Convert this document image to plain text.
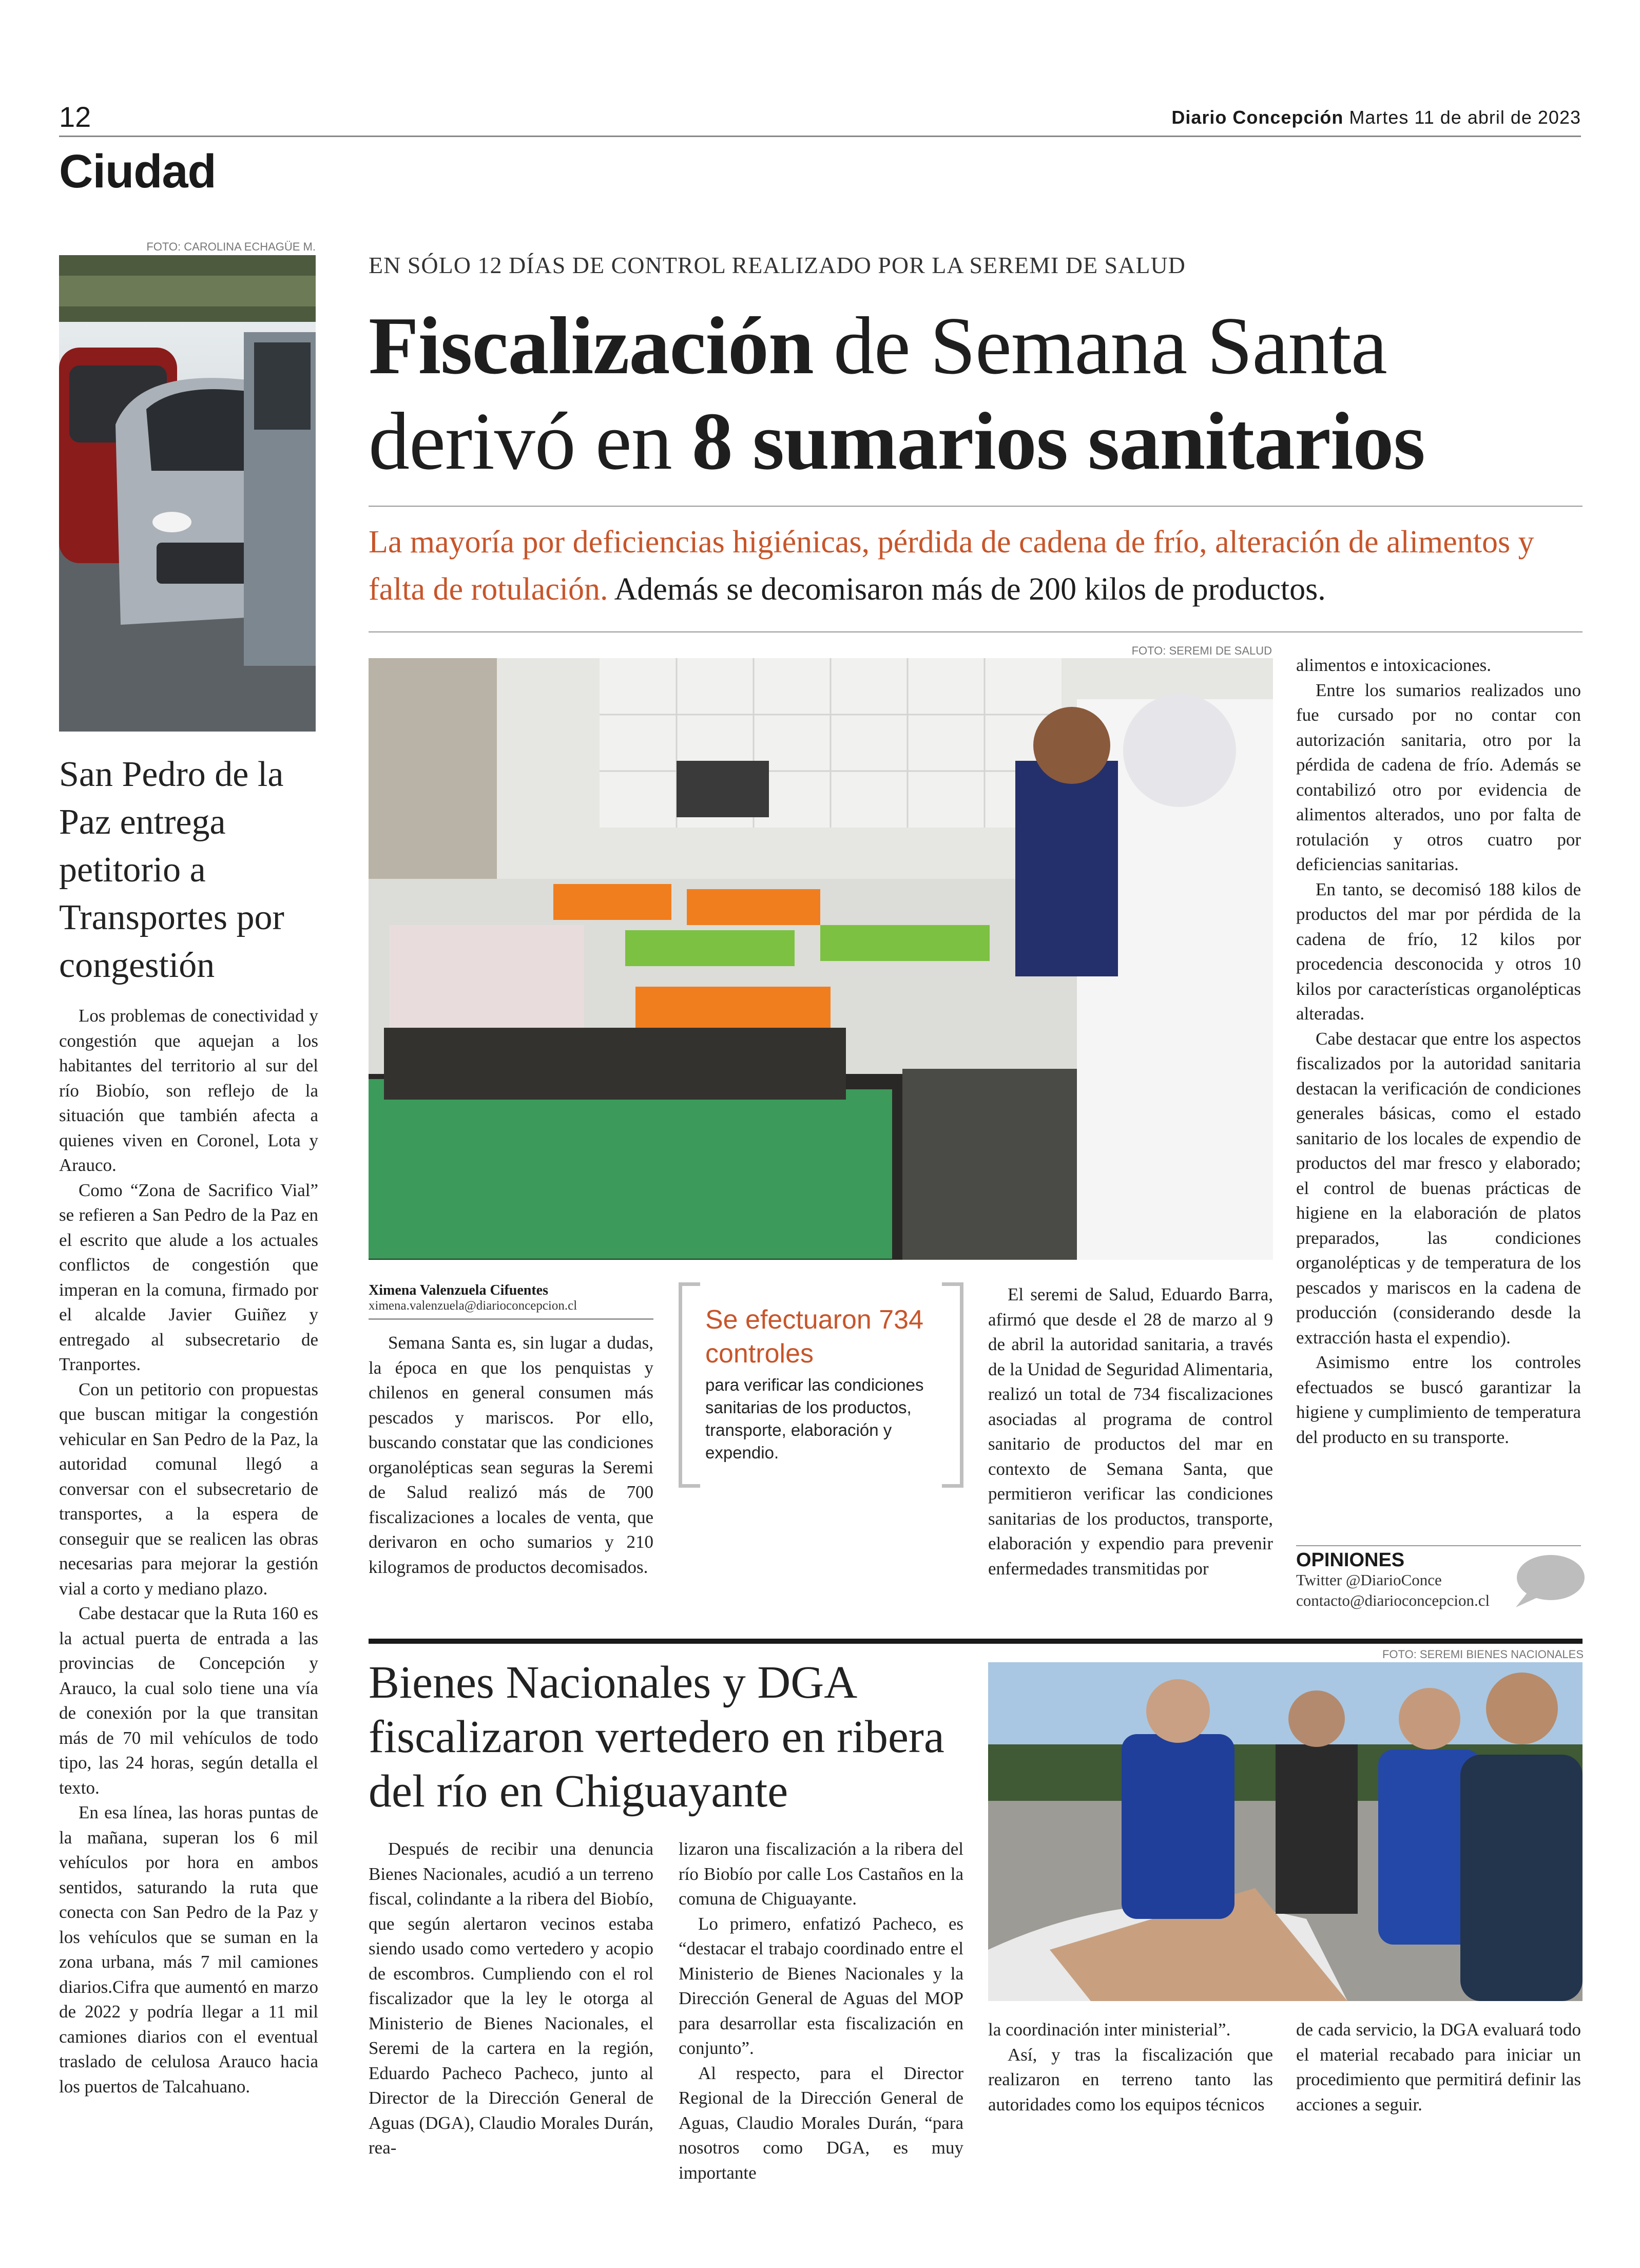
12	Diario Concepción Martes 11 de abril de 2023
Ciudad
FOTO: CAROLINA ECHAGÜE M.
San Pedro de la Paz entrega petitorio a Transportes por congestión

Los problemas de conectividad y congestión que aquejan a los habitantes del territorio al sur del río Biobío, son reflejo de la situación que también afecta a quienes viven en Coronel, Lota y Arauco.

Como “Zona de Sacrifico Vial” se refieren a San Pedro de la Paz en el escrito que alude a los actuales conflictos de congestión que imperan en la comuna, firmado por el alcalde Javier Guiñez y entregado al subsecretario de Tranportes.

Con un petitorio con propuestas que buscan mitigar la congestión vehicular en San Pedro de la Paz, la autoridad comunal llegó a conversar con el subsecretario de transportes, a la espera de conseguir que se realicen las obras necesarias para mejorar la gestión vial a corto y mediano plazo.

Cabe destacar que la Ruta 160 es la actual puerta de entrada a las provincias de Concepción y Arauco, la cual solo tiene una vía de conexión por la que transitan más de 70 mil vehículos de todo tipo, las 24 horas, según detalla el texto.

En esa línea, las horas puntas de la mañana, superan los 6 mil vehículos por hora en ambos sentidos, saturando la ruta que conecta con San Pedro de la Paz y los vehículos que se suman en la zona urbana, más 7 mil camiones diarios.Cifra que aumentó en marzo de 2022 y podría llegar a 11 mil camiones diarios con el eventual traslado de celulosa Arauco hacia los puertos de Talcahuano.

EN SÓLO 12 DÍAS DE CONTROL REALIZADO POR LA SEREMI DE SALUD
Fiscalización de Semana Santa
derivó en 8 sumarios sanitarios
La mayoría por deficiencias higiénicas, pérdida de cadena de frío, alteración de alimentos y falta de rotulación. Además se decomisaron más de 200 kilos de productos.
FOTO: SEREMI DE SALUD
Ximena Valenzuela Cifuentes
ximena.valenzuela@diarioconcepcion.cl

Semana Santa es, sin lugar a dudas, la época en que los penquistas y chilenos en general consumen más pescados y mariscos. Por ello, buscando constatar que las condiciones organolépticas sean seguras la Seremi de Salud realizó más de 700 fiscalizaciones a locales de venta, que derivaron en ocho sumarios y 210 kilogramos de productos decomisados.

Se efectuaron 734 controles
para verificar las condiciones sanitarias de los productos, transporte, elaboración y expendio.

El seremi de Salud, Eduardo Barra, afirmó que desde el 28 de marzo al 9 de abril la autoridad sanitaria, a través de la Unidad de Seguridad Alimentaria, realizó un total de 734 fiscalizaciones asociadas al programa de control sanitario de productos del mar en contexto de Semana Santa, que permitieron verificar las condiciones sanitarias de los productos, transporte, elaboración y expendio para prevenir enfermedades transmitidas por

alimentos e intoxicaciones.

Entre los sumarios realizados uno fue cursado por no contar con autorización sanitaria, otro por la pérdida de cadena de frío. Además se contabilizó otro por evidencia de alimentos alterados, uno por falta de rotulación y otros cuatro por deficiencias sanitarias.

En tanto, se decomisó 188 kilos de productos del mar por pérdida de la cadena de frío, 12 kilos por procedencia desconocida y otros 10 kilos por características organolépticas alteradas.

Cabe destacar que entre los aspectos fiscalizados por la autoridad sanitaria destacan la verificación de condiciones generales básicas, como el estado sanitario de los locales de expendio de productos del mar fresco y elaborado; el control de buenas prácticas de higiene en la elaboración de platos preparados, las condiciones organolépticas y de temperatura de los pescados y mariscos en la cadena de producción (considerando desde la extracción hasta el expendio).

Asimismo entre los controles efectuados se buscó garantizar la higiene y cumplimiento de temperatura del producto en su transporte.

OPINIONES
Twitter @DiarioConce
contacto@diarioconcepcion.cl
FOTO: SEREMI BIENES NACIONALES
Bienes Nacionales y DGA fiscalizaron vertedero en ribera del río en Chiguayante

Después de recibir una denuncia Bienes Nacionales, acudió a un terreno fiscal, colindante a la ribera del Biobío, que según alertaron vecinos estaba siendo usado como vertedero y acopio de escombros. Cumpliendo con el rol fiscalizador que la ley le otorga al Ministerio de Bienes Nacionales, el Seremi de la cartera en la región, Eduardo Pacheco Pacheco, junto al Director de la Dirección General de Aguas (DGA), Claudio Morales Durán, rea-

lizaron una fiscalización a la ribera del río Biobío por calle Los Castaños en la comuna de Chiguayante.

Lo primero, enfatizó Pacheco, es “destacar el trabajo coordinado entre el Ministerio de Bienes Nacionales y la Dirección General de Aguas del MOP para desarrollar esta fiscalización en conjunto”.

Al respecto, para el Director Regional de la Dirección General de Aguas, Claudio Morales Durán, “para nosotros como DGA, es muy importante

la coordinación inter ministerial”.

Así, y tras la fiscalización que realizaron en terreno tanto las autoridades como los equipos técnicos

de cada servicio, la DGA evaluará todo el material recabado para iniciar un procedimiento que permitirá definir las acciones a seguir.
